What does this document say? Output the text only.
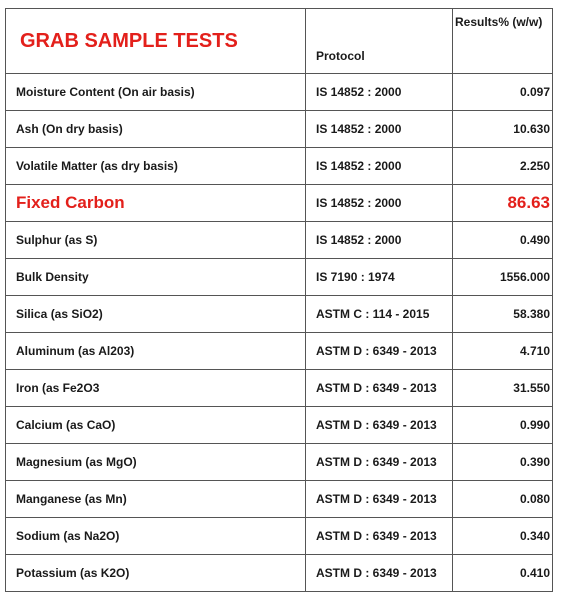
GRAB SAMPLE TESTS	Protocol	Results% (w/w)
Moisture Content (On air basis)	IS 14852 : 2000	0.097
Ash (On dry basis)	IS 14852 : 2000	10.630
Volatile Matter (as dry basis)	IS 14852 : 2000	2.250
Fixed Carbon	IS 14852 : 2000	86.63
Sulphur (as S)	IS 14852 : 2000	0.490
Bulk Density	IS 7190 : 1974	1556.000
Silica (as SiO2)	ASTM C : 114 - 2015	58.380
Aluminum (as Al203)	ASTM D : 6349 - 2013	4.710
Iron (as Fe2O3	ASTM D : 6349 - 2013	31.550
Calcium (as CaO)	ASTM D : 6349 - 2013	0.990
Magnesium (as MgO)	ASTM D : 6349 - 2013	0.390
Manganese (as Mn)	ASTM D : 6349 - 2013	0.080
Sodium (as Na2O)	ASTM D : 6349 - 2013	0.340
Potassium (as K2O)	ASTM D : 6349 - 2013	0.410
